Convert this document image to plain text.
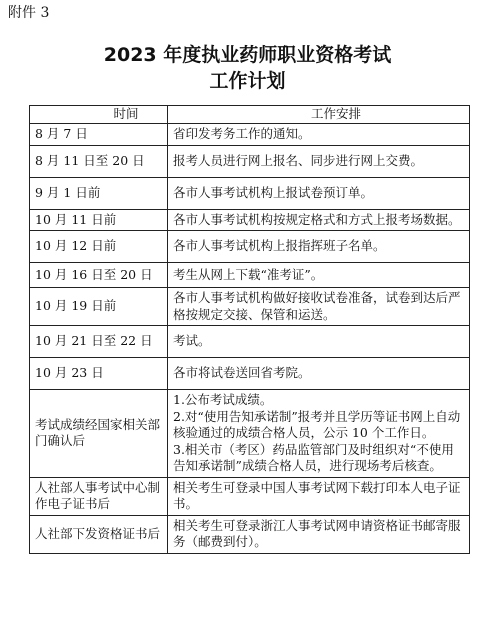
附件 3
2023 年度执业药师职业资格考试
工作计划
时间	工作安排
8 月 7 日	省印发考务工作的通知。
8 月 11 日至 20 日	报考人员进行网上报名、同步进行网上交费。
9 月 1 日前	各市人事考试机构上报试卷预订单。
10 月 11 日前	各市人事考试机构按规定格式和方式上报考场数据。
10 月 12 日前	各市人事考试机构上报指挥班子名单。
10 月 16 日至 20 日	考生从网上下载“准考证”。
10 月 19 日前	各市人事考试机构做好接收试卷准备，试卷到达后严格按规定交接、保管和运送。
10 月 21 日至 22 日	考试。
10 月 23 日	各市将试卷送回省考院。
考试成绩经国家相关部门确认后	1.公布考试成绩。
2.对“使用告知承诺制”报考并且学历等证书网上自动核验通过的成绩合格人员，公示 10 个工作日。
3.相关市（考区）药品监管部门及时组织对“不使用告知承诺制”成绩合格人员，进行现场考后核查。

人社部人事考试中心制作电子证书后	相关考生可登录中国人事考试网下载打印本人电子证书。
人社部下发资格证书后	相关考生可登录浙江人事考试网申请资格证书邮寄服务（邮费到付）。
